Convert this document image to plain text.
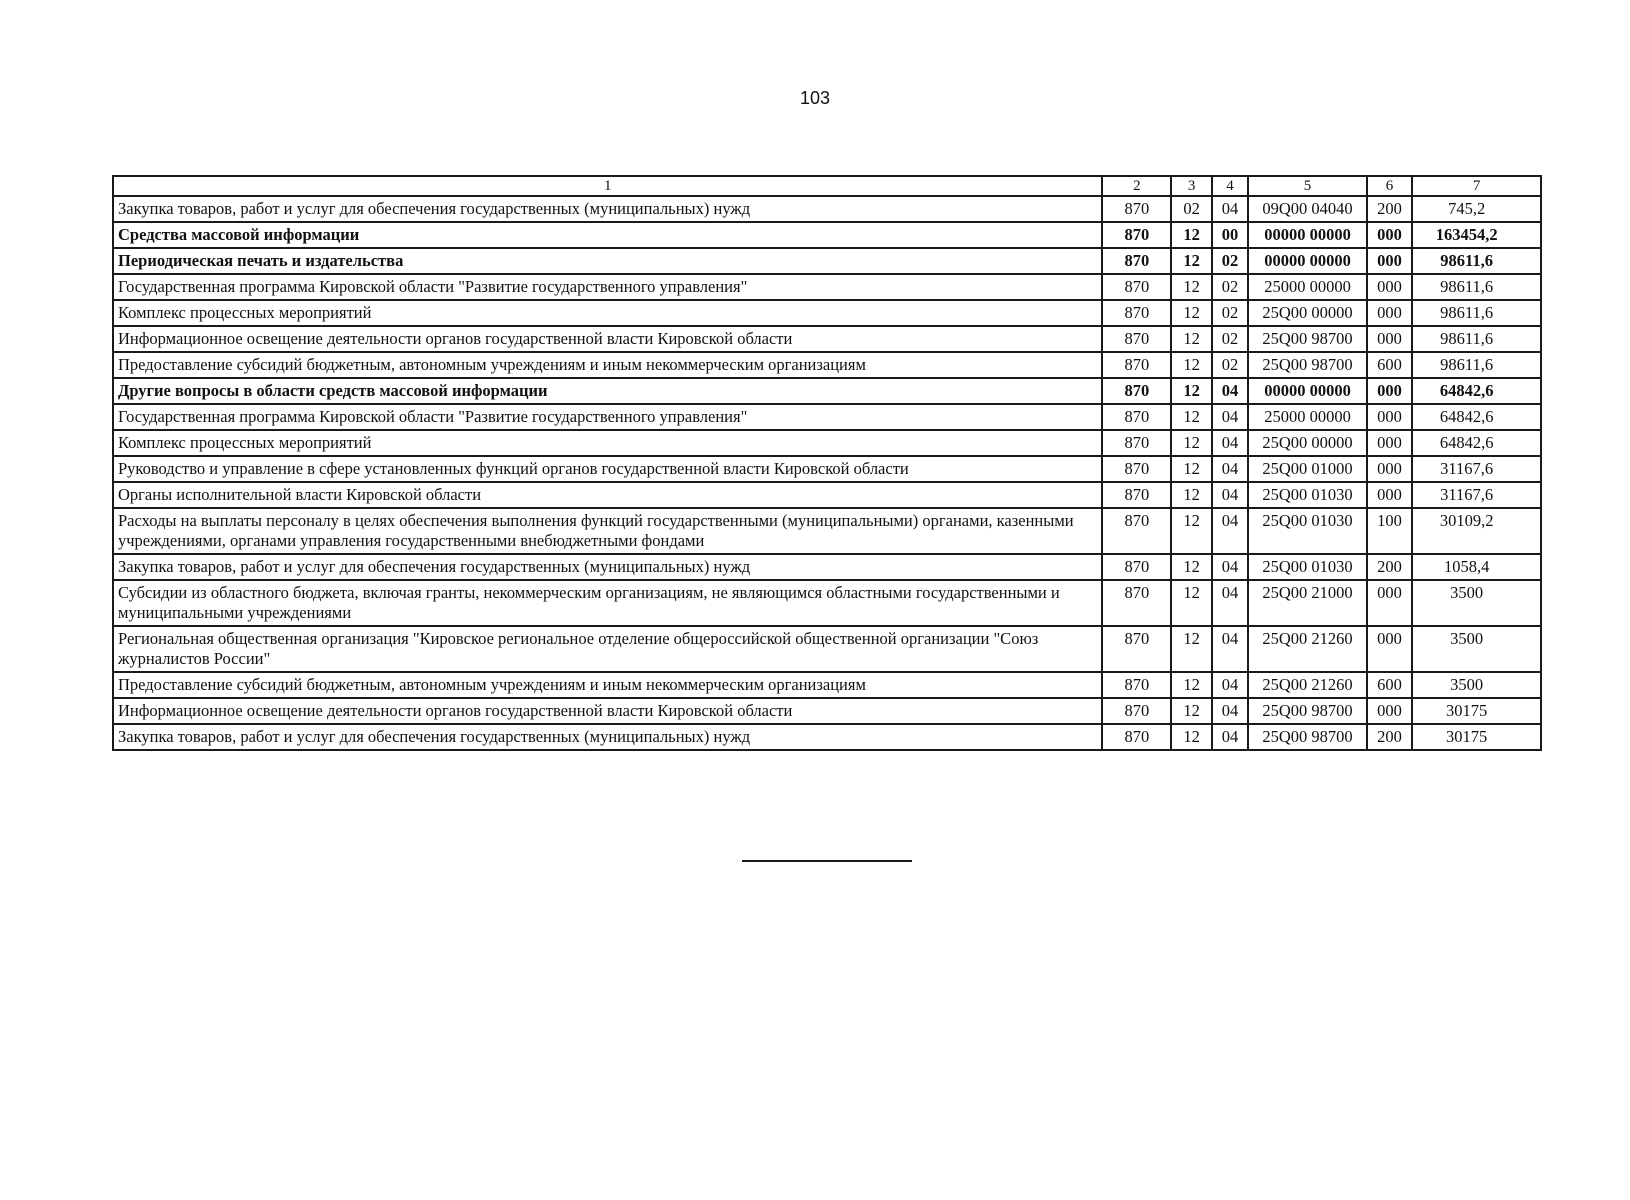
103
1	2	3	4	5	6	7
Закупка товаров, работ и услуг для обеспечения государственных (муниципальных) нужд	870	02	04	09Q00 04040	200	745,2
Средства массовой информации	870	12	00	00000 00000	000	163454,2
Периодическая печать и издательства	870	12	02	00000 00000	000	98611,6
Государственная программа Кировской области "Развитие государственного управления"	870	12	02	25000 00000	000	98611,6
Комплекс процессных мероприятий	870	12	02	25Q00 00000	000	98611,6
Информационное освещение деятельности органов государственной власти Кировской области	870	12	02	25Q00 98700	000	98611,6
Предоставление субсидий бюджетным, автономным учреждениям и иным некоммерческим организациям	870	12	02	25Q00 98700	600	98611,6
Другие вопросы в области средств массовой информации	870	12	04	00000 00000	000	64842,6
Государственная программа Кировской области "Развитие государственного управления"	870	12	04	25000 00000	000	64842,6
Комплекс процессных мероприятий	870	12	04	25Q00 00000	000	64842,6
Руководство и управление в сфере установленных функций органов государственной власти Кировской области	870	12	04	25Q00 01000	000	31167,6
Органы исполнительной власти Кировской области	870	12	04	25Q00 01030	000	31167,6
Расходы на выплаты персоналу в целях обеспечения выполнения функций государственными (муниципальными) органами, казенными учреждениями, органами управления государственными внебюджетными фондами	870	12	04	25Q00 01030	100	30109,2
Закупка товаров, работ и услуг для обеспечения государственных (муниципальных) нужд	870	12	04	25Q00 01030	200	1058,4
Субсидии из областного бюджета, включая гранты, некоммерческим организациям, не являющимся областными государственными и муниципальными учреждениями	870	12	04	25Q00 21000	000	3500
Региональная общественная организация "Кировское региональное отделение общероссийской общественной организации "Союз журналистов России"	870	12	04	25Q00 21260	000	3500
Предоставление субсидий бюджетным, автономным учреждениям и иным некоммерческим организациям	870	12	04	25Q00 21260	600	3500
Информационное освещение деятельности органов государственной власти Кировской области	870	12	04	25Q00 98700	000	30175
Закупка товаров, работ и услуг для обеспечения государственных (муниципальных) нужд	870	12	04	25Q00 98700	200	30175
